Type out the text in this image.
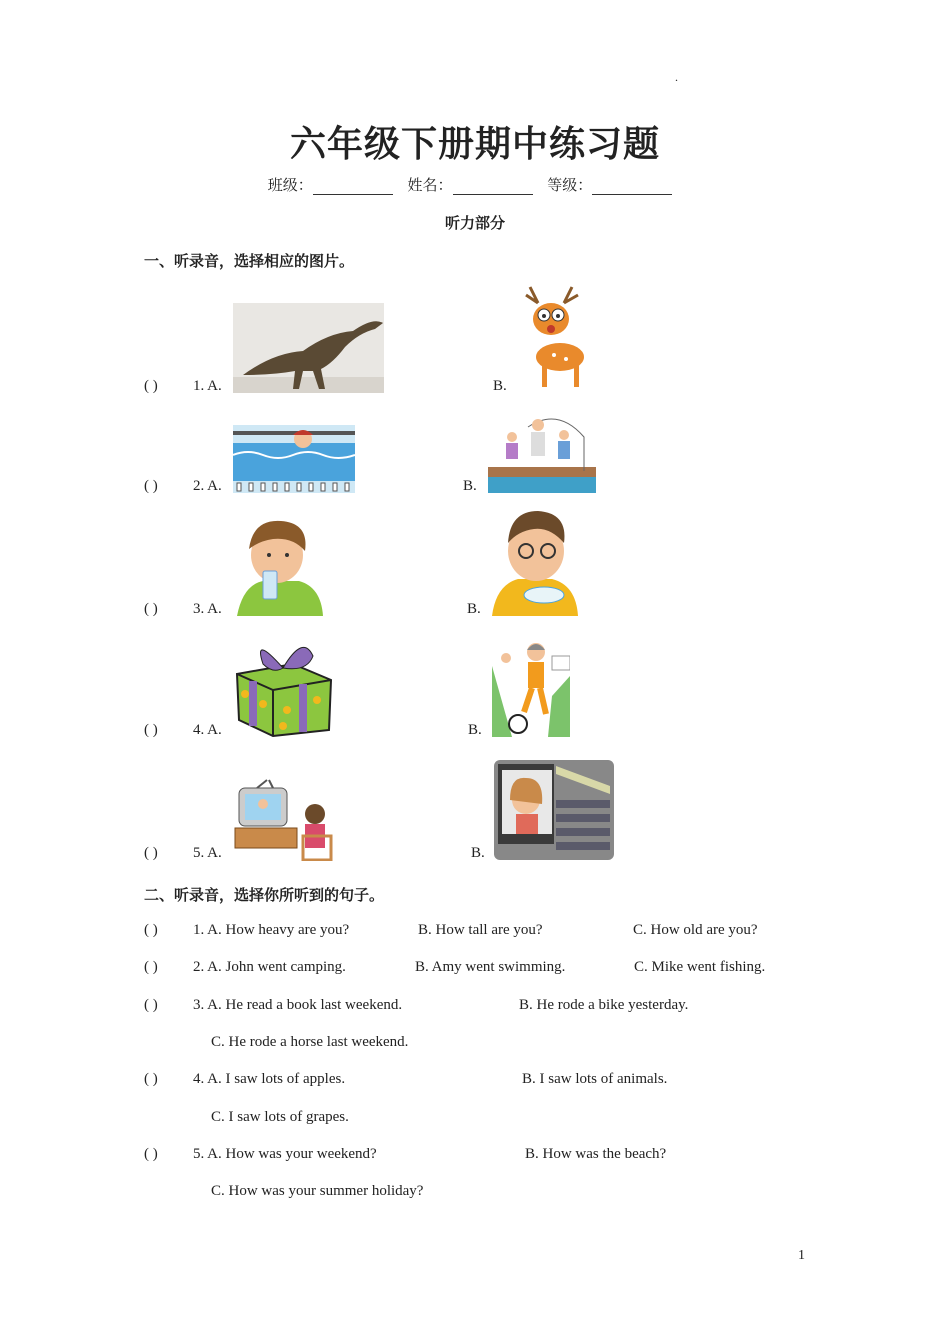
.
六年级下册期中练习题
班级：	姓名：	等级：
听力部分
一、听录音，选择相应的图片。
( ) 1. A.	B.
( ) 2. A.	B.
( ) 3. A.	B.
( ) 4. A.	B.
( ) 5. A.	B.
二、听录音，选择你所听到的句子。
( ) 1. A. How heavy are you?	B. How tall are you?	C. How old are you?
( ) 2. A. John went camping.	B. Amy went swimming.	C. Mike went fishing.
( ) 3. A. He read a book last weekend.	B. He rode a bike yesterday.
C. He rode a horse last weekend.
( ) 4. A. I saw lots of apples.	B. I saw lots of animals.
C. I saw lots of grapes.
( ) 5. A. How was your weekend?	B. How was the beach?
C. How was your summer holiday?
1
